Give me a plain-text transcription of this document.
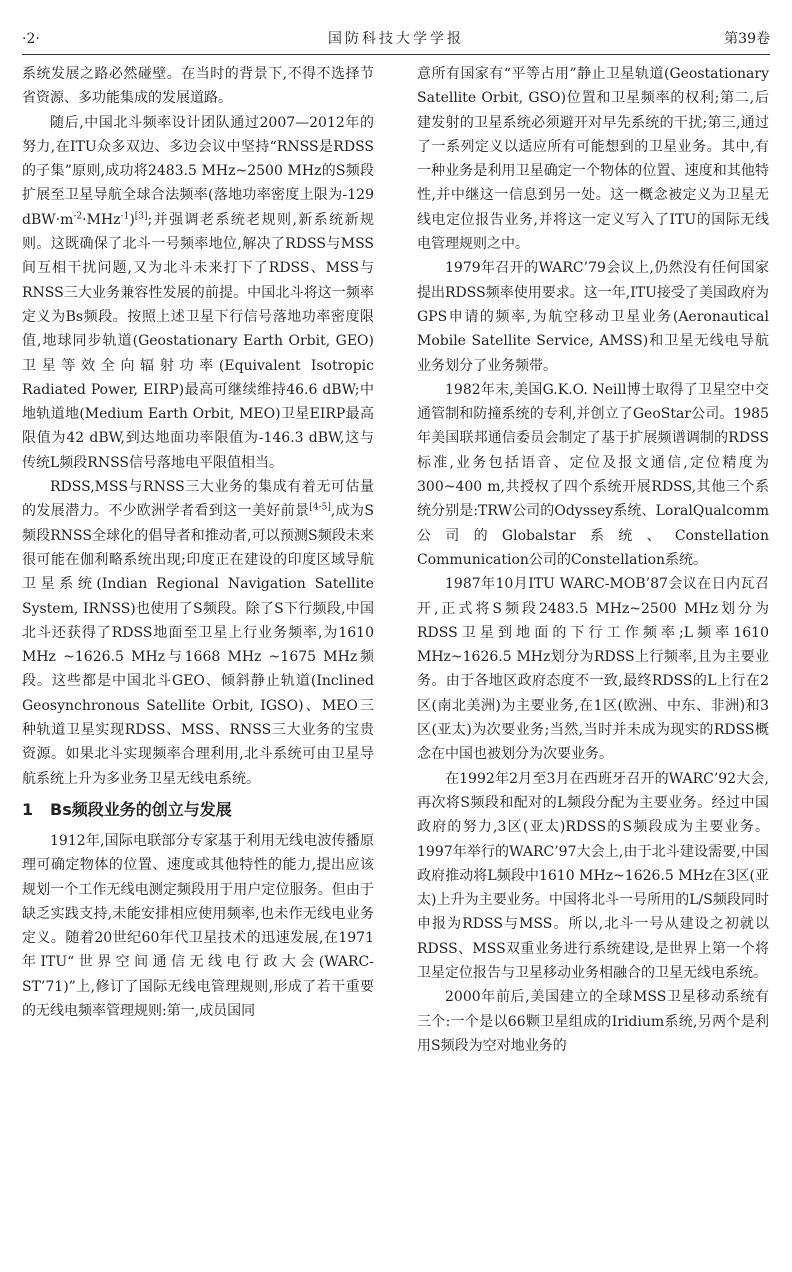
·2·	国防科技大学学报	第39卷

系统发展之路必然碰壁。在当时的背景下,不得不选择节省资源、多功能集成的发展道路。

随后,中国北斗频率设计团队通过2007—2012年的努力,在ITU众多双边、多边会议中坚持“RNSS是RDSS的子集”原则,成功将2483.5 MHz~2500 MHz的S频段扩展至卫星导航全球合法频率(落地功率密度上限为-129 $dBW\cdot m^{-2}\cdot MHz^{-1})[3]$;并强调老系统老规则,新系统新规则。这既确保了北斗一号频率地位,解决了RDSS与MSS间互相干扰问题,又为北斗未来打下了RDSS、MSS与RNSS三大业务兼容性发展的前提。中国北斗将这一频率定义为Bs频段。按照上述卫星下行信号落地功率密度限值,地球同步轨道(Geostationary Earth Orbit, GEO)卫星等效全向辐射功率(Equivalent Isotropic Radiated Power, EIRP)最高可继续维持46.6 dBW;中地轨道地(Medium Earth Orbit, MEO)卫星EIRP最高限值为42 dBW,到达地面功率限值为-146.3 dBW,这与传统L频段RNSS信号落地电平限值相当。

RDSS,MSS与RNSS三大业务的集成有着无可估量的发展潜力。不少欧洲学者看到这一美好前景[4-5],成为S频段RNSS全球化的倡导者和推动者,可以预测S频段未来很可能在伽利略系统出现;印度正在建设的印度区域导航卫星系统(Indian Regional Navigation Satellite System, IRNSS)也使用了S频段。除了S下行频段,中国北斗还获得了RDSS地面至卫星上行业务频率,为1610 MHz ~1626.5 MHz与1668 MHz ~1675 MHz频段。这些都是中国北斗GEO、倾斜静止轨道(Inclined Geosynchronous Satellite Orbit, IGSO)、MEO三种轨道卫星实现RDSS、MSS、RNSS三大业务的宝贵资源。如果北斗实现频率合理利用,北斗系统可由卫星导航系统上升为多业务卫星无线电系统。

1 Bs频段业务的创立与发展

1912年,国际电联部分专家基于利用无线电波传播原理可确定物体的位置、速度或其他特性的能力,提出应该规划一个工作无线电测定频段用于用户定位服务。但由于缺乏实践支持,未能安排相应使用频率,也未作无线电业务定义。随着20世纪60年代卫星技术的迅速发展,在1971年ITU“世界空间通信无线电行政大会(WARC-ST’71)”上,修订了国际无线电管理规则,形成了若干重要的无线电频率管理规则:第一,成员国同

意所有国家有“平等占用”静止卫星轨道(Geostationary Satellite Orbit, GSO)位置和卫星频率的权利;第二,后建发射的卫星系统必须避开对早先系统的干扰;第三,通过了一系列定义以适应所有可能想到的卫星业务。其中,有一种业务是利用卫星确定一个物体的位置、速度和其他特性,并中继这一信息到另一处。这一概念被定义为卫星无线电定位报告业务,并将这一定义写入了ITU的国际无线电管理规则之中。

1979年召开的WARC’79会议上,仍然没有任何国家提出RDSS频率使用要求。这一年,ITU接受了美国政府为GPS申请的频率,为航空移动卫星业务(Aeronautical Mobile Satellite Service, AMSS)和卫星无线电导航业务划分了业务频带。

1982年末,美国G.K.O. Neill博士取得了卫星空中交通管制和防撞系统的专利,并创立了GeoStar公司。1985年美国联邦通信委员会制定了基于扩展频谱调制的RDSS标准,业务包括语音、定位及报文通信,定位精度为300~400 m,共授权了四个系统开展RDSS,其他三个系统分别是:TRW公司的Odyssey系统、LoralQualcomm公司的Globalstar系统、Constellation Communication公司的Constellation系统。

1987年10月ITU WARC-MOB’87会议在日内瓦召开,正式将S频段2483.5 MHz~2500 MHz划分为RDSS卫星到地面的下行工作频率;L频率1610 MHz~1626.5 MHz划分为RDSS上行频率,且为主要业务。由于各地区政府态度不一致,最终RDSS的L上行在2区(南北美洲)为主要业务,在1区(欧洲、中东、非洲)和3区(亚太)为次要业务;当然,当时并未成为现实的RDSS概念在中国也被划分为次要业务。

在1992年2月至3月在西班牙召开的WARC’92大会,再次将S频段和配对的L频段分配为主要业务。经过中国政府的努力,3区(亚太)RDSS的S频段成为主要业务。1997年举行的WARC’97大会上,由于北斗建设需要,中国政府推动将L频段中1610 MHz~1626.5 MHz在3区(亚太)上升为主要业务。中国将北斗一号所用的L/S频段同时申报为RDSS与MSS。所以,北斗一号从建设之初就以RDSS、MSS双重业务进行系统建设,是世界上第一个将卫星定位报告与卫星移动业务相融合的卫星无线电系统。

2000年前后,美国建立的全球MSS卫星移动系统有三个:一个是以66颗卫星组成的Iridium系统,另两个是利用S频段为空对地业务的
